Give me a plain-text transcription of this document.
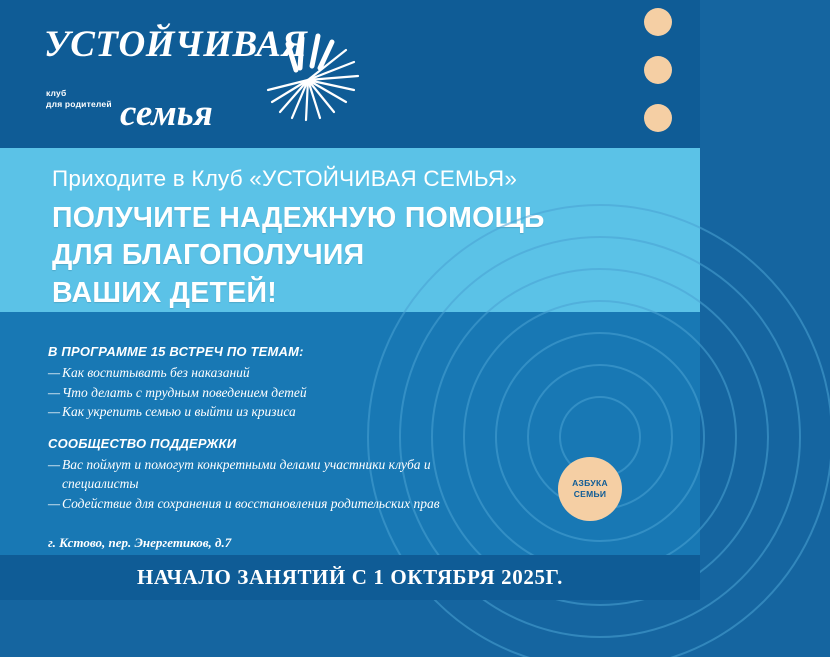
УСТОЙЧИВАЯ
клуб
для родителей семья
Приходите в Клуб «УСТОЙЧИВАЯ СЕМЬЯ»
ПОЛУЧИТЕ НАДЕЖНУЮ ПОМОЩЬ
ДЛЯ БЛАГОПОЛУЧИЯ
ВАШИХ ДЕТЕЙ!
В ПРОГРАММЕ 15 ВСТРЕЧ ПО ТЕМАМ:
— Как воспитывать без наказаний
— Что делать с трудным поведением детей
— Как укрепить семью и выйти из кризиса
СООБЩЕСТВО ПОДДЕРЖКИ
— Вас поймут и помогут конкретными делами участники клуба и специалисты
— Содействие для сохранения и восстановления родительских прав
г. Кстово, пер. Энергетиков, д.7
АЗБУКА
СЕМЬИ
НАЧАЛО ЗАНЯТИЙ С 1 ОКТЯБРЯ 2025Г.
